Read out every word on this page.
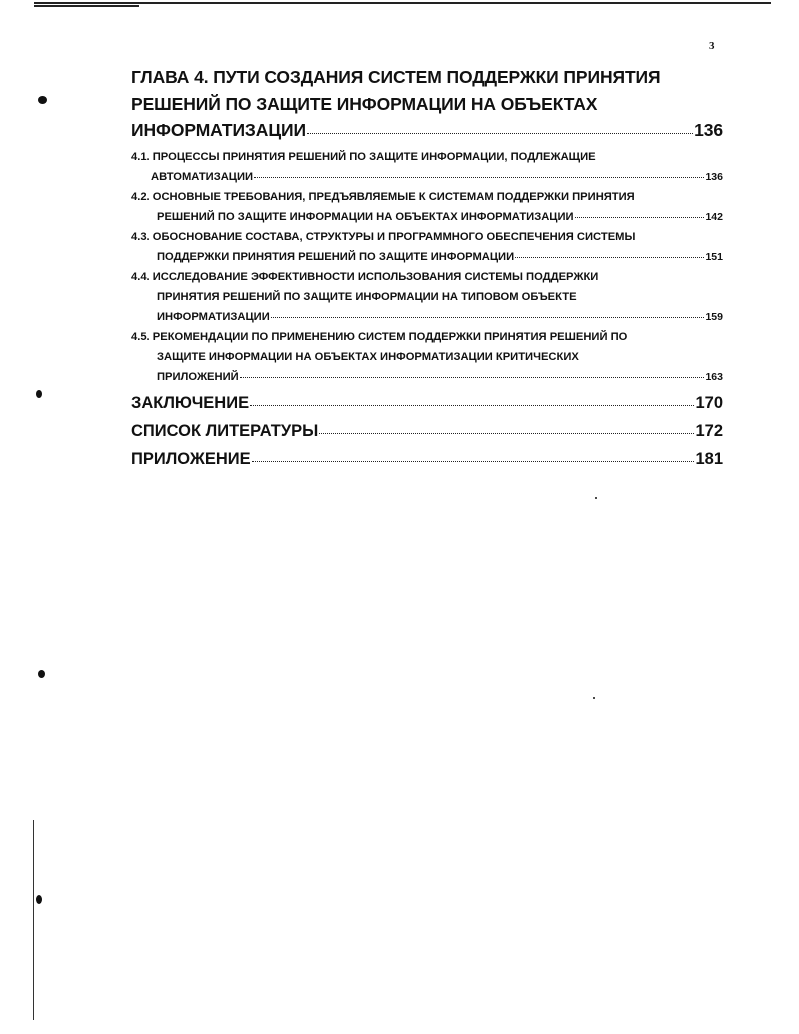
3
ГЛАВА 4. ПУТИ СОЗДАНИЯ СИСТЕМ ПОДДЕРЖКИ ПРИНЯТИЯ
РЕШЕНИЙ ПО ЗАЩИТЕ ИНФОРМАЦИИ НА ОБЪЕКТАХ
ИНФОРМАТИЗАЦИИ	136
4.1. ПРОЦЕССЫ ПРИНЯТИЯ РЕШЕНИЙ ПО ЗАЩИТЕ ИНФОРМАЦИИ, ПОДЛЕЖАЩИЕ
АВТОМАТИЗАЦИИ	136
4.2. ОСНОВНЫЕ ТРЕБОВАНИЯ, ПРЕДЪЯВЛЯЕМЫЕ К СИСТЕМАМ ПОДДЕРЖКИ ПРИНЯТИЯ
РЕШЕНИЙ ПО ЗАЩИТЕ ИНФОРМАЦИИ НА ОБЪЕКТАХ ИНФОРМАТИЗАЦИИ	142
4.3. ОБОСНОВАНИЕ СОСТАВА, СТРУКТУРЫ И ПРОГРАММНОГО ОБЕСПЕЧЕНИЯ СИСТЕМЫ
ПОДДЕРЖКИ ПРИНЯТИЯ РЕШЕНИЙ ПО ЗАЩИТЕ ИНФОРМАЦИИ	151
4.4. ИССЛЕДОВАНИЕ ЭФФЕКТИВНОСТИ ИСПОЛЬЗОВАНИЯ СИСТЕМЫ ПОДДЕРЖКИ
ПРИНЯТИЯ РЕШЕНИЙ ПО ЗАЩИТЕ ИНФОРМАЦИИ НА ТИПОВОМ ОБЪЕКТЕ
ИНФОРМАТИЗАЦИИ	159
4.5. РЕКОМЕНДАЦИИ ПО ПРИМЕНЕНИЮ СИСТЕМ ПОДДЕРЖКИ ПРИНЯТИЯ РЕШЕНИЙ ПО
ЗАЩИТЕ ИНФОРМАЦИИ НА ОБЪЕКТАХ ИНФОРМАТИЗАЦИИ КРИТИЧЕСКИХ
ПРИЛОЖЕНИЙ	163
ЗАКЛЮЧЕНИЕ	170
СПИСОК ЛИТЕРАТУРЫ	172
ПРИЛОЖЕНИЕ	181
